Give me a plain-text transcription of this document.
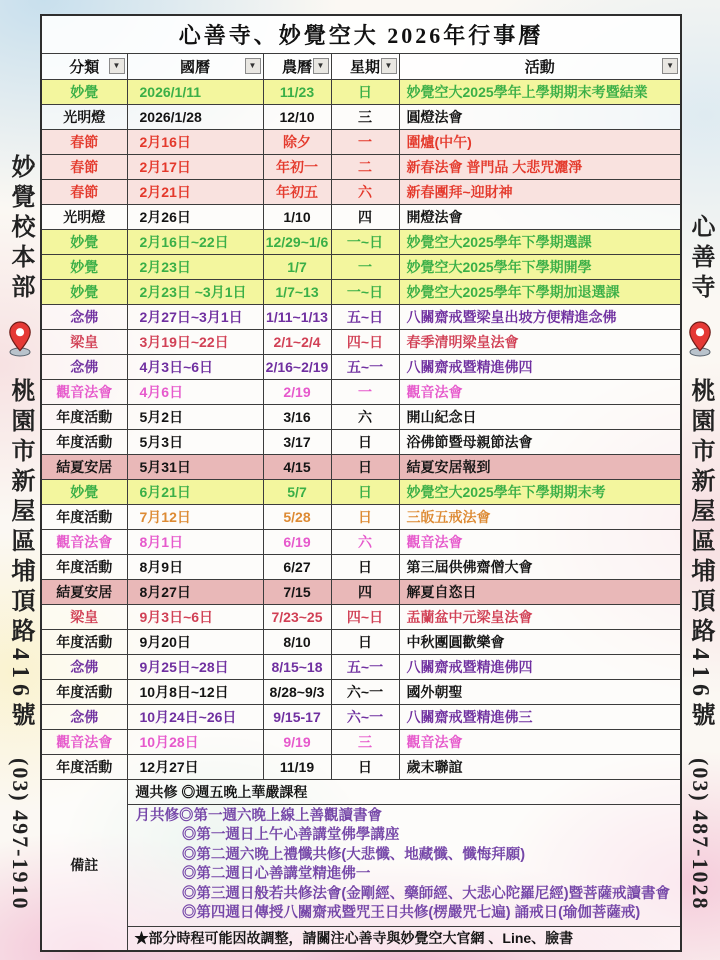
妙覺校本部
桃園市新屋區埔頂路416號
(03) 497-1910
心善寺
桃園市新屋區埔頂路416號
(03) 487-1028
心善寺、妙覺空大 2026年行事曆				
分類 ▼	國曆 ▼	農曆 ▼	星期 ▼	活動 ▼

妙覺	2026/1/11	11/23	日	妙覺空大2025學年上學期期末考暨結業
光明燈	2026/1/28	12/10	三	圓燈法會
春節	2月16日	除夕	一	圍爐(中午)
春節	2月17日	年初一	二	新春法會 普門品 大悲咒灑淨
春節	2月21日	年初五	六	新春團拜~迎財神
光明燈	2月26日	1/10	四	開燈法會
妙覺	2月16日~22日	12/29~1/6	一~日	妙覺空大2025學年下學期選課
妙覺	2月23日	1/7	一	妙覺空大2025學年下學期開學
妙覺	2月23日 ~3月1日	1/7~13	一~日	妙覺空大2025學年下學期加退選課
念佛	2月27日~3月1日	1/11~1/13	五~日	八關齋戒暨梁皇出坡方便精進念佛
梁皇	3月19日~22日	2/1~2/4	四~日	春季清明梁皇法會
念佛	4月3日~6日	2/16~2/19	五~一	八關齋戒暨精進佛四
觀音法會	4月6日	2/19	一	觀音法會
年度活動	5月2日	3/16	六	開山紀念日
年度活動	5月3日	3/17	日	浴佛節暨母親節法會
結夏安居	5月31日	4/15	日	結夏安居報到
妙覺	6月21日	5/7	日	妙覺空大2025學年下學期期末考
年度活動	7月12日	5/28	日	三皈五戒法會
觀音法會	8月1日	6/19	六	觀音法會
年度活動	8月9日	6/27	日	第三屆供佛齋僧大會
結夏安居	8月27日	7/15	四	解夏自恣日
梁皇	9月3日~6日	7/23~25	四~日	盂蘭盆中元梁皇法會
年度活動	9月20日	8/10	日	中秋團圓歡樂會
念佛	9月25日~28日	8/15~18	五~一	八關齋戒暨精進佛四
年度活動	10月8日~12日	8/28~9/3	六~一	國外朝聖
念佛	10月24日~26日	9/15-17	六~一	八關齋戒暨精進佛三
觀音法會	10月28日	9/19	三	觀音法會
年度活動	12月27日	11/19	日	歲末聯誼
備註	週共修 ◎週五晚上華嚴課程			

月共修◎第一週六晚上線上善觀讀書會
◎第一週日上午心善講堂佛學講座
◎第二週六晚上禮懺共修(大悲懺、地藏懺、懺悔拜願)
◎第二週日心善講堂精進佛一
◎第三週日般若共修法會(金剛經、藥師經、大悲心陀羅尼經)暨菩薩戒讀書會
◎第四週日傳授八關齋戒暨咒王日共修(楞嚴咒七遍) 誦戒日(瑜伽菩薩戒)

	★部分時程可能因故調整，請關注心善寺與妙覺空大官網 、Line、臉書			
